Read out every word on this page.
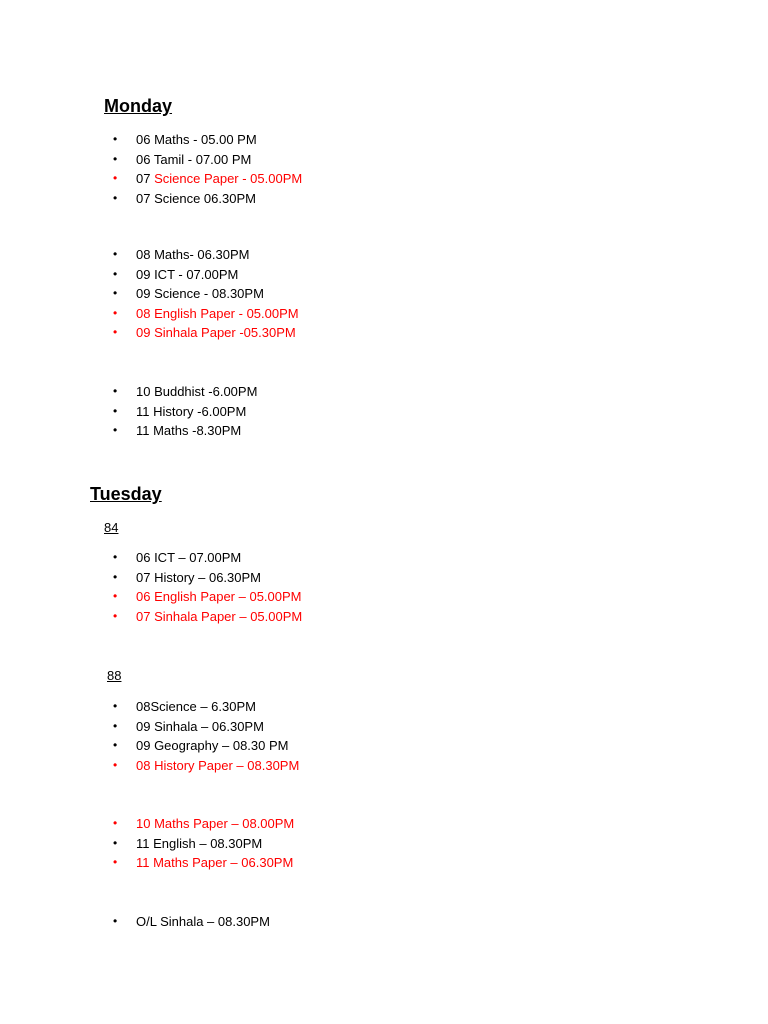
Monday
• 06 Maths - 05.00 PM
• 06 Tamil - 07.00 PM
• 07 Science Paper - 05.00PM
• 07 Science 06.30PM
• 08 Maths- 06.30PM
• 09 ICT - 07.00PM
• 09 Science - 08.30PM
• 08 English Paper - 05.00PM
• 09 Sinhala Paper -05.30PM
• 10 Buddhist -6.00PM
• 11 History -6.00PM
• 11 Maths -8.30PM
Tuesday
84
• 06 ICT – 07.00PM
• 07 History – 06.30PM
• 06 English Paper – 05.00PM
• 07 Sinhala Paper – 05.00PM
88
• 08Science – 6.30PM
• 09 Sinhala – 06.30PM
• 09 Geography – 08.30 PM
• 08 History Paper – 08.30PM
• 10 Maths Paper – 08.00PM
• 11 English – 08.30PM
• 11 Maths Paper – 06.30PM
• O/L Sinhala – 08.30PM
